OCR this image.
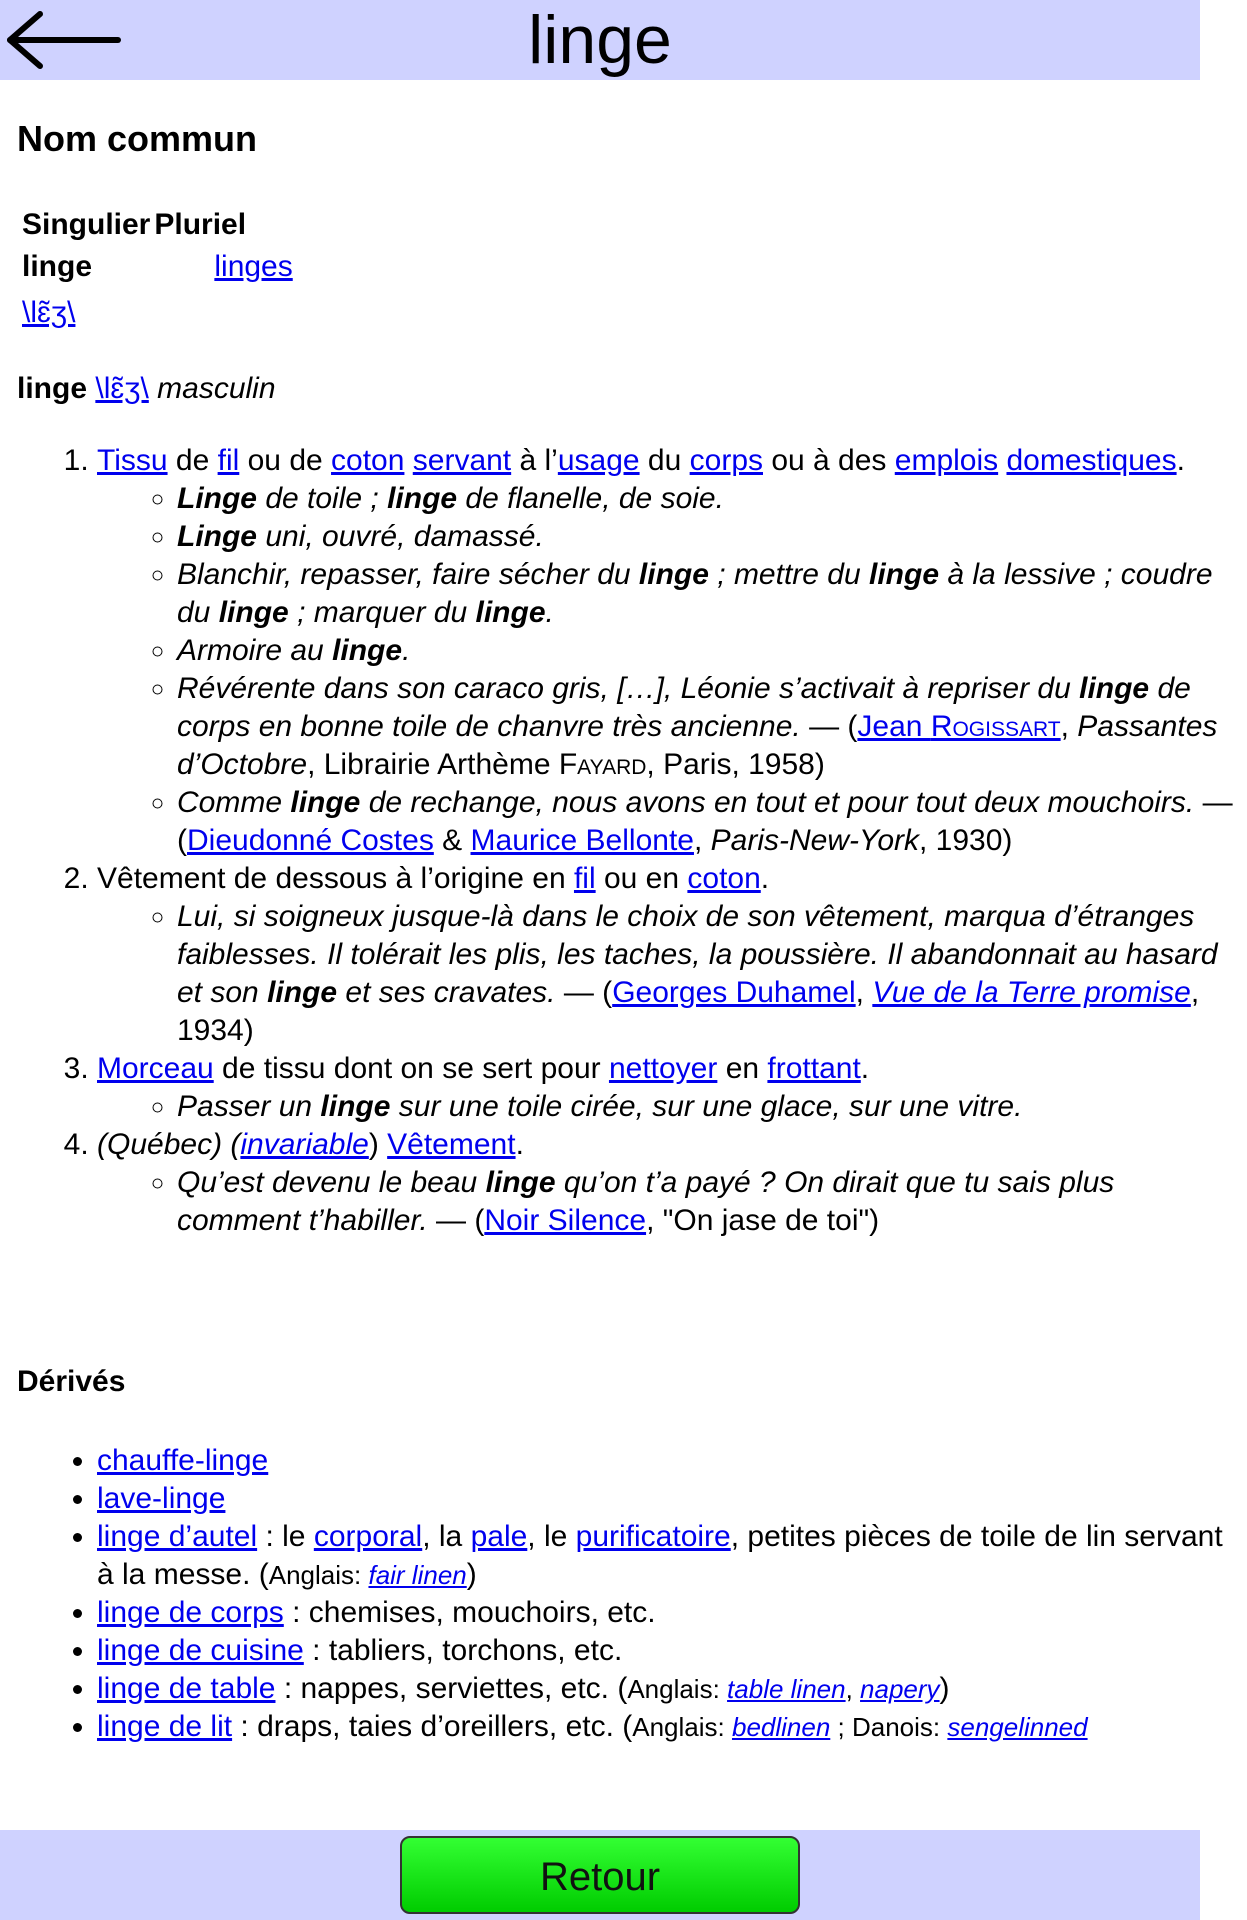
linge
Nom commun
Singulier	Pluriel
linge	linges
\lɛ̃ʒ\	
linge \lɛ̃ʒ\ masculin
1. Tissu de fil ou de coton servant à l’usage du corps ou à des emplois domestiques.
◦ Linge de toile ; linge de flanelle, de soie.
◦ Linge uni, ouvré, damassé.
◦ Blanchir, repasser, faire sécher du linge ; mettre du linge à la lessive ; coudre du linge ; marquer du linge.
◦ Armoire au linge.
◦ Révérente dans son caraco gris, […], Léonie s’activait à repriser du linge de corps en bonne toile de chanvre très ancienne. — (Jean Rogissart, Passantes d’Octobre, Librairie Arthème Fayard, Paris, 1958)
◦ Comme linge de rechange, nous avons en tout et pour tout deux mouchoirs. — (Dieudonné Costes & Maurice Bellonte, Paris-New-York, 1930)
2. Vêtement de dessous à l’origine en fil ou en coton.
◦ Lui, si soigneux jusque-là dans le choix de son vêtement, marqua d’étranges faiblesses. Il tolérait les plis, les taches, la poussière. Il abandonnait au hasard et son linge et ses cravates. — (Georges Duhamel, Vue de la Terre promise, 1934)
3. Morceau de tissu dont on se sert pour nettoyer en frottant.
◦ Passer un linge sur une toile cirée, sur une glace, sur une vitre.
4. (Québec) (invariable) Vêtement.
◦ Qu’est devenu le beau linge qu’on t’a payé ? On dirait que tu sais plus comment t’habiller. — (Noir Silence, "On jase de toi")
Dérivés
• chauffe-linge
• lave-linge
• linge d’autel : le corporal, la pale, le purificatoire, petites pièces de toile de lin servant à la messe. (Anglais: fair linen)
• linge de corps : chemises, mouchoirs, etc.
• linge de cuisine : tabliers, torchons, etc.
• linge de table : nappes, serviettes, etc. (Anglais: table linen, napery)
• linge de lit : draps, taies d’oreillers, etc. (Anglais: bedlinen ; Danois: sengelinned
Retour
